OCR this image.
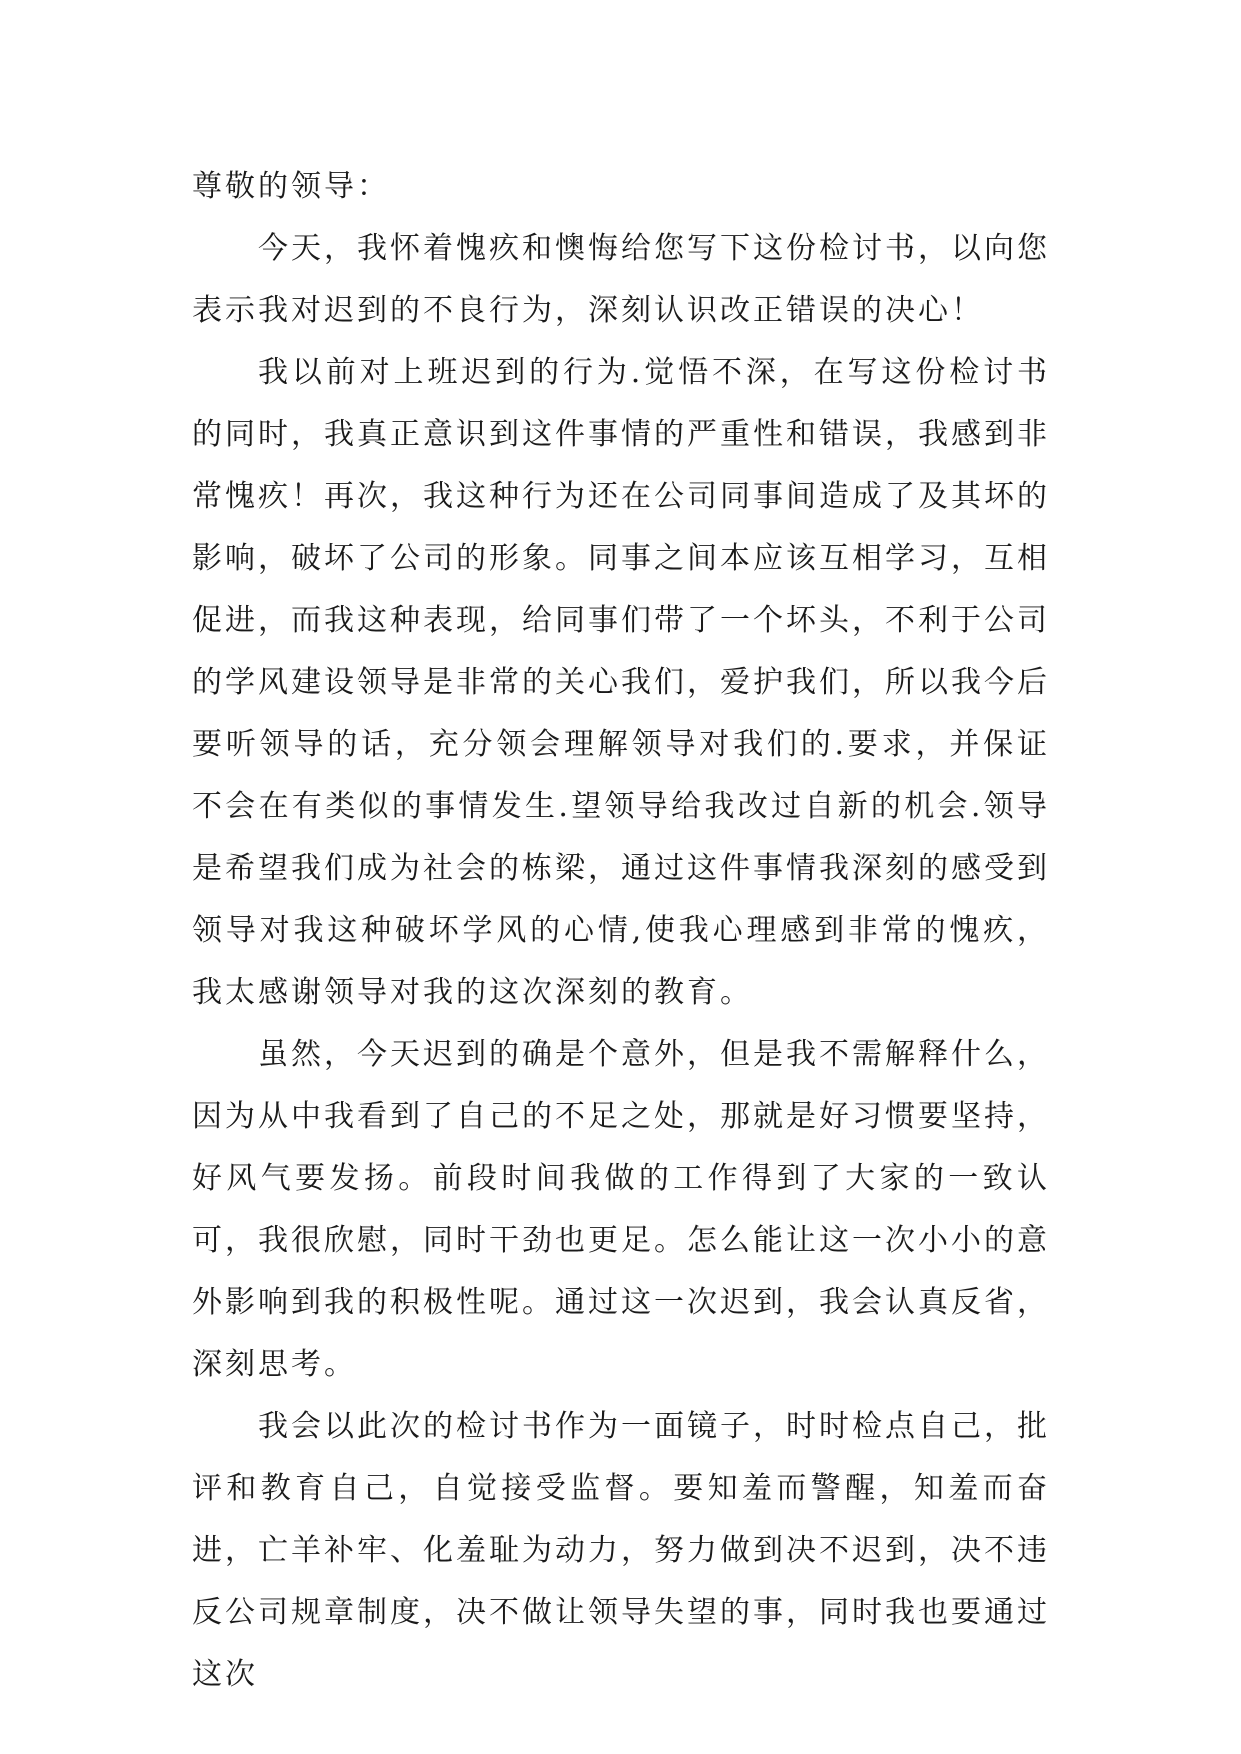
尊敬的领导：

今天，我怀着愧疚和懊悔给您写下这份检讨书，以向您表示我对迟到的不良行为，深刻认识改正错误的决心！

我以前对上班迟到的行为.觉悟不深，在写这份检讨书的同时，我真正意识到这件事情的严重性和错误，我感到非常愧疚！再次，我这种行为还在公司同事间造成了及其坏的影响，破坏了公司的形象。同事之间本应该互相学习，互相促进，而我这种表现，给同事们带了一个坏头，不利于公司的学风建设领导是非常的关心我们，爱护我们，所以我今后要听领导的话，充分领会理解领导对我们的.要求，并保证不会在有类似的事情发生.望领导给我改过自新的机会.领导是希望我们成为社会的栋梁，通过这件事情我深刻的感受到领导对我这种破坏学风的心情,使我心理感到非常的愧疚，我太感谢领导对我的这次深刻的教育。

虽然，今天迟到的确是个意外，但是我不需解释什么，因为从中我看到了自己的不足之处，那就是好习惯要坚持，好风气要发扬。前段时间我做的工作得到了大家的一致认可，我很欣慰，同时干劲也更足。怎么能让这一次小小的意外影响到我的积极性呢。通过这一次迟到，我会认真反省，深刻思考。

我会以此次的检讨书作为一面镜子，时时检点自己，批评和教育自己，自觉接受监督。要知羞而警醒，知羞而奋进，亡羊补牢、化羞耻为动力，努力做到决不迟到，决不违反公司规章制度，决不做让领导失望的事，同时我也要通过这次
